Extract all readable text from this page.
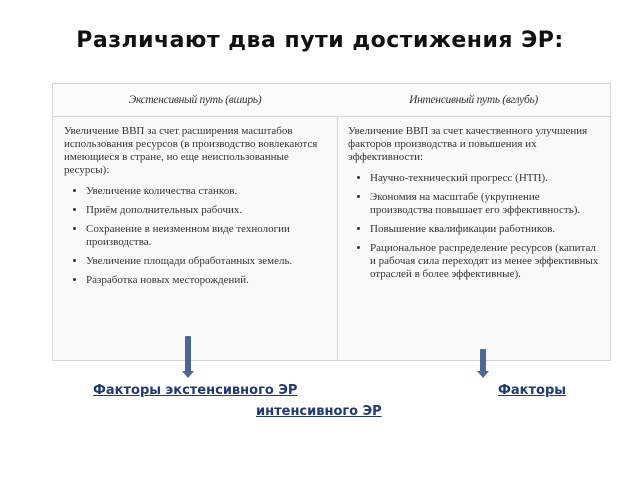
Различают два пути достижения ЭР:
Экстенсивный путь (вширь)

Увеличение ВВП за счет расширения масштабов использования ресурсов (в производство вовлекаются имеющиеся в стране, но еще неиспользованные ресурсы):

• Увеличение количества станков.
• Приём дополнительных рабочих.
• Сохранение в неизменном виде технологии производства.
• Увеличение площади обработанных земель.
• Разработка новых месторождений.
Интенсивный путь (вглубь)

Увеличение ВВП за счет качественного улучшения факторов производства и повышения их эффективности:

• Научно-технический прогресс (НТП).
• Экономия на масштабе (укрупнение производства повышает его эффективность).
• Повышение квалификации работников.
• Рациональное распределение ресурсов (капитал и рабочая сила переходят из менее эффективных отраслей в более эффективные).
Факторы экстенсивного ЭР	Факторы
интенсивного ЭР
